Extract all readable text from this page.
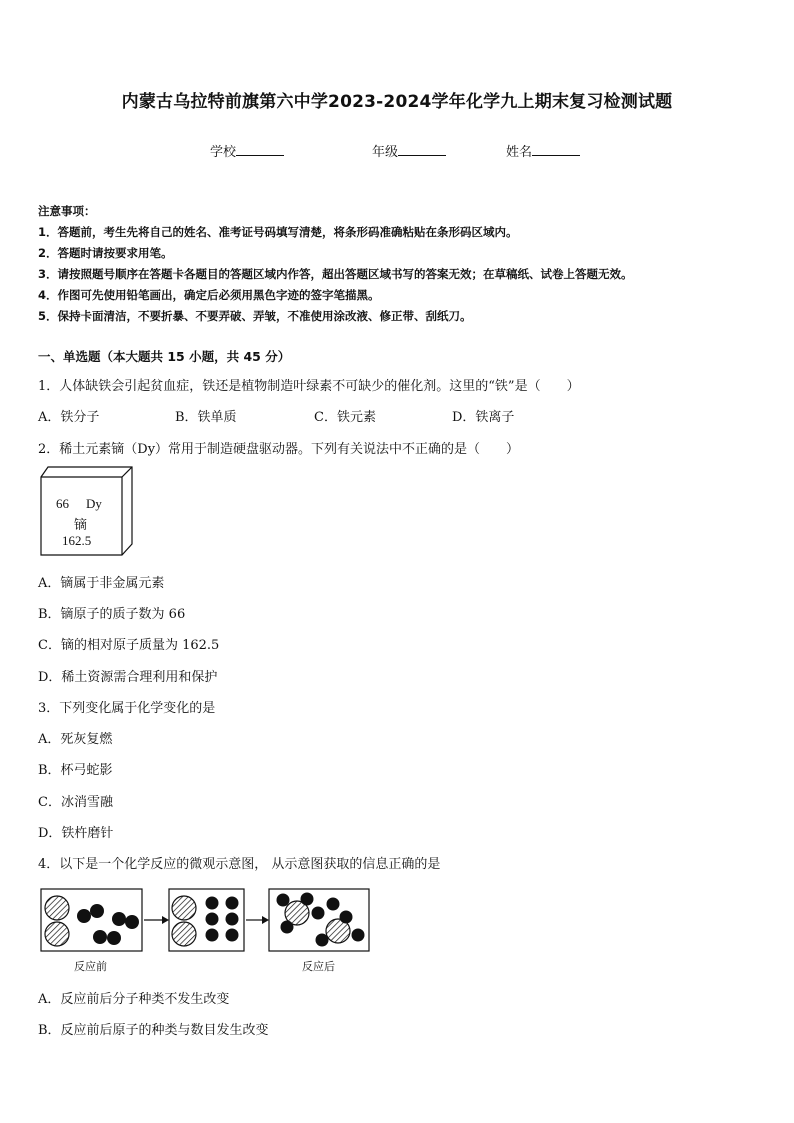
内蒙古乌拉特前旗第六中学2023-2024学年化学九上期末复习检测试题
学校	年级	姓名
注意事项：
1．答题前，考生先将自己的姓名、准考证号码填写清楚，将条形码准确粘贴在条形码区域内。
2．答题时请按要求用笔。
3．请按照题号顺序在答题卡各题目的答题区域内作答，超出答题区域书写的答案无效；在草稿纸、试卷上答题无效。
4．作图可先使用铅笔画出，确定后必须用黑色字迹的签字笔描黑。
5．保持卡面清洁，不要折暴、不要弄破、弄皱，不准使用涂改液、修正带、刮纸刀。
一、单选题（本大题共 15 小题，共 45 分）
1．人体缺铁会引起贫血症，铁还是植物制造叶绿素不可缺少的催化剂。这里的“铁”是（　　）
A．铁分子	B．铁单质	C．铁元素	D．铁离子
2．稀土元素镝（Dy）常用于制造硬盘驱动器。下列有关说法中不正确的是（　　）
66 Dy
镝
162.5
A．镝属于非金属元素
B．镝原子的质子数为 66
C．镝的相对原子质量为 162.5
D．稀土资源需合理利用和保护
3．下列变化属于化学变化的是
A．死灰复燃
B．杯弓蛇影
C．冰消雪融
D．铁杵磨针
4．以下是一个化学反应的微观示意图， 从示意图获取的信息正确的是
反应前	反应后
A．反应前后分子种类不发生改变
B．反应前后原子的种类与数目发生改变
